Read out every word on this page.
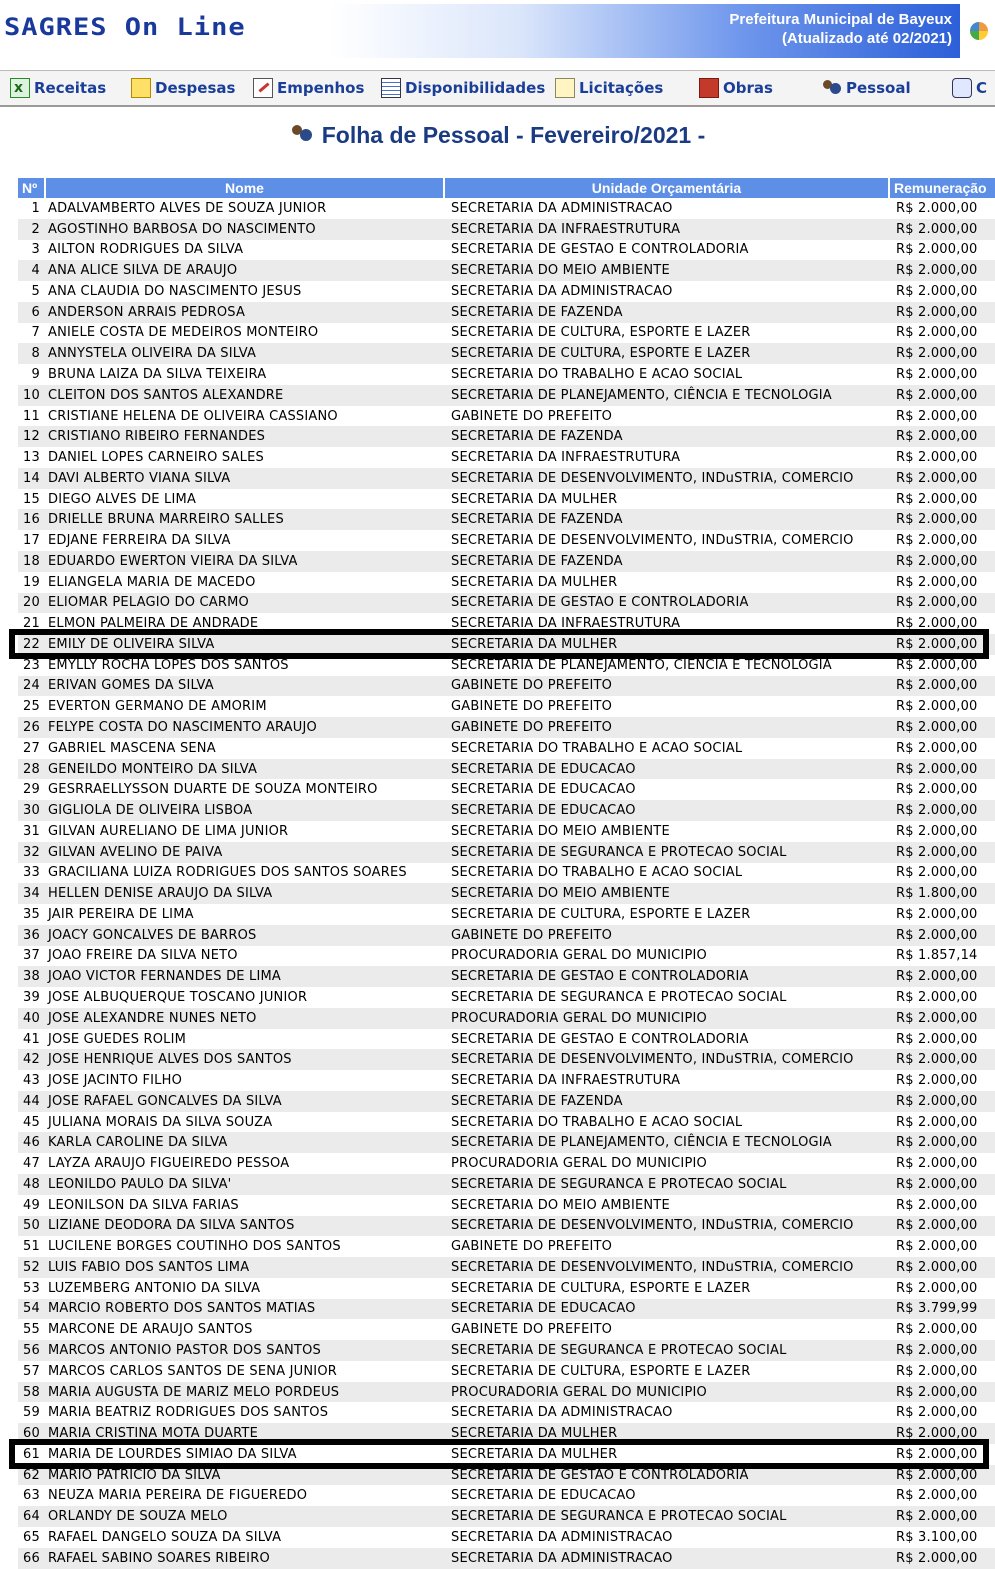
SAGRES On Line	Prefeitura Municipal de Bayeux
(Atualizado até 02/2021)
x Receitas	Despesas	Empenhos	Disponibilidades Licitações	Obras	Pessoal	C
Folha de Pessoal - Fevereiro/2021 -
Nº	Nome	Unidade Orçamentária	Remuneração
1	ADALVAMBERTO ALVES DE SOUZA JUNIOR	SECRETARIA DA ADMINISTRACAO	R$ 2.000,00
2	AGOSTINHO BARBOSA DO NASCIMENTO	SECRETARIA DA INFRAESTRUTURA	R$ 2.000,00
3	AILTON RODRIGUES DA SILVA	SECRETARIA DE GESTAO E CONTROLADORIA	R$ 2.000,00
4	ANA ALICE SILVA DE ARAUJO	SECRETARIA DO MEIO AMBIENTE	R$ 2.000,00
5	ANA CLAUDIA DO NASCIMENTO JESUS	SECRETARIA DA ADMINISTRACAO	R$ 2.000,00
6	ANDERSON ARRAIS PEDROSA	SECRETARIA DE FAZENDA	R$ 2.000,00
7	ANIELE COSTA DE MEDEIROS MONTEIRO	SECRETARIA DE CULTURA, ESPORTE E LAZER	R$ 2.000,00
8	ANNYSTELA OLIVEIRA DA SILVA	SECRETARIA DE CULTURA, ESPORTE E LAZER	R$ 2.000,00
9	BRUNA LAIZA DA SILVA TEIXEIRA	SECRETARIA DO TRABALHO E ACAO SOCIAL	R$ 2.000,00
10	CLEITON DOS SANTOS ALEXANDRE	SECRETARIA DE PLANEJAMENTO, CIÊNCIA E TECNOLOGIA	R$ 2.000,00
11	CRISTIANE HELENA DE OLIVEIRA CASSIANO	GABINETE DO PREFEITO	R$ 2.000,00
12	CRISTIANO RIBEIRO FERNANDES	SECRETARIA DE FAZENDA	R$ 2.000,00
13	DANIEL LOPES CARNEIRO SALES	SECRETARIA DA INFRAESTRUTURA	R$ 2.000,00
14	DAVI ALBERTO VIANA SILVA	SECRETARIA DE DESENVOLVIMENTO, INDuSTRIA, COMERCIO	R$ 2.000,00
15	DIEGO ALVES DE LIMA	SECRETARIA DA MULHER	R$ 2.000,00
16	DRIELLE BRUNA MARREIRO SALLES	SECRETARIA DE FAZENDA	R$ 2.000,00
17	EDJANE FERREIRA DA SILVA	SECRETARIA DE DESENVOLVIMENTO, INDuSTRIA, COMERCIO	R$ 2.000,00
18	EDUARDO EWERTON VIEIRA DA SILVA	SECRETARIA DE FAZENDA	R$ 2.000,00
19	ELIANGELA MARIA DE MACEDO	SECRETARIA DA MULHER	R$ 2.000,00
20	ELIOMAR PELAGIO DO CARMO	SECRETARIA DE GESTAO E CONTROLADORIA	R$ 2.000,00
21	ELMON PALMEIRA DE ANDRADE	SECRETARIA DA INFRAESTRUTURA	R$ 2.000,00
22	EMILY DE OLIVEIRA SILVA	SECRETARIA DA MULHER	R$ 2.000,00
23	EMYLLY ROCHA LOPES DOS SANTOS	SECRETARIA DE PLANEJAMENTO, CIÊNCIA E TECNOLOGIA	R$ 2.000,00
24	ERIVAN GOMES DA SILVA	GABINETE DO PREFEITO	R$ 2.000,00
25	EVERTON GERMANO DE AMORIM	GABINETE DO PREFEITO	R$ 2.000,00
26	FELYPE COSTA DO NASCIMENTO ARAUJO	GABINETE DO PREFEITO	R$ 2.000,00
27	GABRIEL MASCENA SENA	SECRETARIA DO TRABALHO E ACAO SOCIAL	R$ 2.000,00
28	GENEILDO MONTEIRO DA SILVA	SECRETARIA DE EDUCACAO	R$ 2.000,00
29	GESRRAELLYSSON DUARTE DE SOUZA MONTEIRO	SECRETARIA DE EDUCACAO	R$ 2.000,00
30	GIGLIOLA DE OLIVEIRA LISBOA	SECRETARIA DE EDUCACAO	R$ 2.000,00
31	GILVAN AURELIANO DE LIMA JUNIOR	SECRETARIA DO MEIO AMBIENTE	R$ 2.000,00
32	GILVAN AVELINO DE PAIVA	SECRETARIA DE SEGURANCA E PROTECAO SOCIAL	R$ 2.000,00
33	GRACILIANA LUIZA RODRIGUES DOS SANTOS SOARES	SECRETARIA DO TRABALHO E ACAO SOCIAL	R$ 2.000,00
34	HELLEN DENISE ARAUJO DA SILVA	SECRETARIA DO MEIO AMBIENTE	R$ 1.800,00
35	JAIR PEREIRA DE LIMA	SECRETARIA DE CULTURA, ESPORTE E LAZER	R$ 2.000,00
36	JOACY GONCALVES DE BARROS	GABINETE DO PREFEITO	R$ 2.000,00
37	JOAO FREIRE DA SILVA NETO	PROCURADORIA GERAL DO MUNICIPIO	R$ 1.857,14
38	JOAO VICTOR FERNANDES DE LIMA	SECRETARIA DE GESTAO E CONTROLADORIA	R$ 2.000,00
39	JOSE ALBUQUERQUE TOSCANO JUNIOR	SECRETARIA DE SEGURANCA E PROTECAO SOCIAL	R$ 2.000,00
40	JOSE ALEXANDRE NUNES NETO	PROCURADORIA GERAL DO MUNICIPIO	R$ 2.000,00
41	JOSE GUEDES ROLIM	SECRETARIA DE GESTAO E CONTROLADORIA	R$ 2.000,00
42	JOSE HENRIQUE ALVES DOS SANTOS	SECRETARIA DE DESENVOLVIMENTO, INDuSTRIA, COMERCIO	R$ 2.000,00
43	JOSE JACINTO FILHO	SECRETARIA DA INFRAESTRUTURA	R$ 2.000,00
44	JOSE RAFAEL GONCALVES DA SILVA	SECRETARIA DE FAZENDA	R$ 2.000,00
45	JULIANA MORAIS DA SILVA SOUZA	SECRETARIA DO TRABALHO E ACAO SOCIAL	R$ 2.000,00
46	KARLA CAROLINE DA SILVA	SECRETARIA DE PLANEJAMENTO, CIÊNCIA E TECNOLOGIA	R$ 2.000,00
47	LAYZA ARAUJO FIGUEIREDO PESSOA	PROCURADORIA GERAL DO MUNICIPIO	R$ 2.000,00
48	LEONILDO PAULO DA SILVA'	SECRETARIA DE SEGURANCA E PROTECAO SOCIAL	R$ 2.000,00
49	LEONILSON DA SILVA FARIAS	SECRETARIA DO MEIO AMBIENTE	R$ 2.000,00
50	LIZIANE DEODORA DA SILVA SANTOS	SECRETARIA DE DESENVOLVIMENTO, INDuSTRIA, COMERCIO	R$ 2.000,00
51	LUCILENE BORGES COUTINHO DOS SANTOS	GABINETE DO PREFEITO	R$ 2.000,00
52	LUIS FABIO DOS SANTOS LIMA	SECRETARIA DE DESENVOLVIMENTO, INDuSTRIA, COMERCIO	R$ 2.000,00
53	LUZEMBERG ANTONIO DA SILVA	SECRETARIA DE CULTURA, ESPORTE E LAZER	R$ 2.000,00
54	MARCIO ROBERTO DOS SANTOS MATIAS	SECRETARIA DE EDUCACAO	R$ 3.799,99
55	MARCONE DE ARAUJO SANTOS	GABINETE DO PREFEITO	R$ 2.000,00
56	MARCOS ANTONIO PASTOR DOS SANTOS	SECRETARIA DE SEGURANCA E PROTECAO SOCIAL	R$ 2.000,00
57	MARCOS CARLOS SANTOS DE SENA JUNIOR	SECRETARIA DE CULTURA, ESPORTE E LAZER	R$ 2.000,00
58	MARIA AUGUSTA DE MARIZ MELO PORDEUS	PROCURADORIA GERAL DO MUNICIPIO	R$ 2.000,00
59	MARIA BEATRIZ RODRIGUES DOS SANTOS	SECRETARIA DA ADMINISTRACAO	R$ 2.000,00
60	MARIA CRISTINA MOTA DUARTE	SECRETARIA DA MULHER	R$ 2.000,00
61	MARIA DE LOURDES SIMIAO DA SILVA	SECRETARIA DA MULHER	R$ 2.000,00
62	MARIO PATRICIO DA SILVA	SECRETARIA DE GESTAO E CONTROLADORIA	R$ 2.000,00
63	NEUZA MARIA PEREIRA DE FIGUEREDO	SECRETARIA DE EDUCACAO	R$ 2.000,00
64	ORLANDY DE SOUZA MELO	SECRETARIA DE SEGURANCA E PROTECAO SOCIAL	R$ 2.000,00
65	RAFAEL DANGELO SOUZA DA SILVA	SECRETARIA DA ADMINISTRACAO	R$ 3.100,00
66	RAFAEL SABINO SOARES RIBEIRO	SECRETARIA DA ADMINISTRACAO	R$ 2.000,00
